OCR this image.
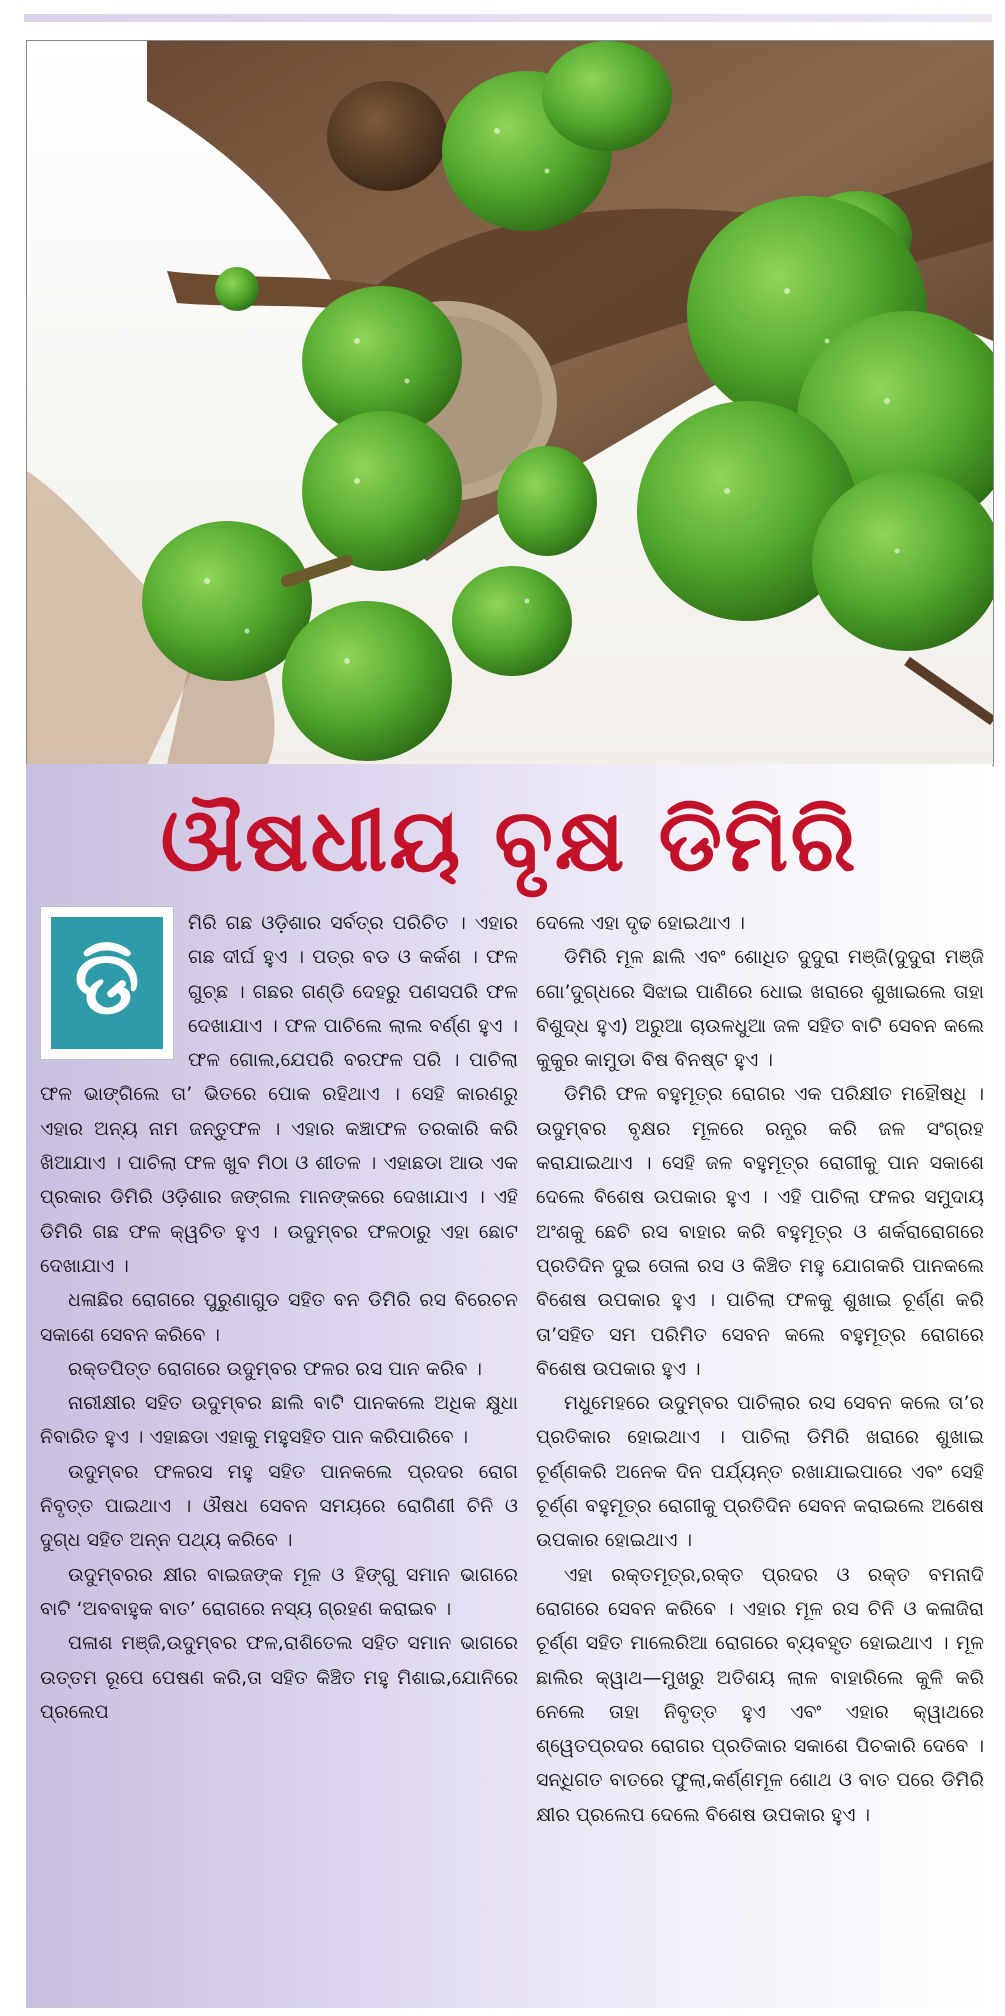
ଔଷଧୀୟ ବୃକ୍ଷ ଡିମିରି
ଡି

ମିରି ଗଛ ଓଡ଼ିଶାର ସର୍ବତ୍ର ପରିଚିତ । ଏହାର ଗଛ ଦୀର୍ଘ ହୁଏ । ପତ୍ର ବଡ ଓ କର୍କଶ । ଫଳ ଗୁଚ୍ଛ । ଗଛର ଗଣ୍ଡି ଦେହରୁ ପଣସପରି ଫଳ ଦେଖାଯାଏ । ଫଳ ପାଚିଲେ ଲାଲ ବର୍ଣ୍ଣ ହୁଏ । ଫଳ ଗୋଲ,ଯେପରି ବରଫଳ ପରି । ପାଚିଲା ଫଳ ଭାଙ୍ଗିଲେ ତା’ ଭିତରେ ପୋକ ରହିଥାଏ । ସେହି କାରଣରୁ ଏହାର ଅନ୍ୟ ନାମ ଜନ୍ତୁଫଳ । ଏହାର କଞ୍ଚାଫଳ ତରକାରି କରି ଖିଆଯାଏ । ପାଚିଲା ଫଳ ଖୁବ ମିଠା ଓ ଶୀତଳ । ଏହାଛଡା ଆଉ ଏକ ପ୍ରକାର ଡିମିରି ଓଡ଼ିଶାର ଜଙ୍ଗଲ ମାନଙ୍କରେ ଦେଖାଯାଏ । ଏହି ଡିମିରି ଗଛ ଫଳ କ୍ୱଚିତ ହୁଏ । ଉଦୁମ୍ବର ଫଳଠାରୁ ଏହା ଛୋଟ ଦେଖାଯାଏ ।

ଧଳାଛିର ରୋଗରେ ପୁରୁଣାଗୁଡ ସହିତ ବନ ଡିମିରି ରସ ବିରେଚନ ସକାଶେ ସେବନ କରିବେ ।

ରକ୍ତପିତ୍ତ ରୋଗରେ ଉଦୁମ୍ବର ଫଳର ରସ ପାନ କରିବ ।

ନାରୀକ୍ଷୀର ସହିତ ଉଦୁମ୍ବର ଛାଲି ବାଟି ପାନକଲେ ଅଧିକ କ୍ଷୁଧା ନିବାରିତ ହୁଏ । ଏହାଛଡା ଏହାକୁ ମହୁସହିତ ପାନ କରିପାରିବେ ।

ଉଦୁମ୍ବର ଫଳରସ ମହୁ ସହିତ ପାନକଲେ ପ୍ରଦର ରୋଗ ନିବୃତ୍ତ ପାଇଥାଏ । ଔଷଧ ସେବନ ସମୟରେ ରୋଗିଣୀ ଚିନି ଓ ଦୁଗ୍ଧ ସହିତ ଅନ୍ନ ପଥ୍ୟ କରିବେ ।

ଉଦୁମ୍ବରର କ୍ଷୀର ବାଇଜଙ୍କ ମୂଳ ଓ ହିଙ୍ଗୁ ସମାନ ଭାଗରେ ବାଟି ‘ଅବବାହୁକ ବାତ’ ରୋଗରେ ନସ୍ୟ ଗ୍ରହଣ କରାଇବ ।

ପଳାଶ ମଞ୍ଜି,ଉଦୁମ୍ବର ଫଳ,ରାଶିତେଲ ସହିତ ସମାନ ଭାଗରେ ଉତ୍ତମ ରୂପେ ପେଷଣ କରି,ତା ସହିତ କିଞ୍ଚିତ ମହୁ ମିଶାଇ,ଯୋନିରେ ପ୍ରଲେପ

ଦେଲେ ଏହା ଦୃଢ ହୋଇଥାଏ ।

ଡିମିରି ମୂଳ ଛାଲି ଏବଂ ଶୋଧିତ ଦୁଦୁରା ମଞ୍ଜି(ଦୁଦୁରା ମଞ୍ଜି ଗୋ’ଦୁଗ୍ଧରେ ସିଝାଇ ପାଣିରେ ଧୋଇ ଖରାରେ ଶୁଖାଇଲେ ତାହା ବିଶୁଦ୍ଧ ହୁଏ) ଅରୁଆ ଚାଉଳଧୁଆ ଜଳ ସହିତ ବାଟି ସେବନ କଲେ କୁକୁର କାମୁଡା ବିଷ ବିନଷ୍ଟ ହୁଏ ।

ଡିମିରି ଫଳ ବହୁମୂତ୍ର ରୋଗର ଏକ ପରିକ୍ଷୀତ ମହୌଷଧି । ଉଦୁମ୍ବର ବୃକ୍ଷର ମୂଳରେ ରନ୍ଧ୍ର କରି ଜଳ ସଂଗ୍ରହ କରାଯାଇଥାଏ । ସେହି ଜଳ ବହୁମୂତ୍ର ରୋଗୀକୁ ପାନ ସକାଶେ ଦେଲେ ବିଶେଷ ଉପକାର ହୁଏ । ଏହି ପାଚିଲା ଫଳର ସମୁଦାୟ ଅଂଶକୁ ଛେଚି ରସ ବାହାର କରି ବହୁମୂତ୍ର ଓ ଶର୍କରାରୋଗରେ ପ୍ରତିଦିନ ଦୁଇ ତୋଳା ରସ ଓ କିଞ୍ଚିତ ମହୁ ଯୋଗକରି ପାନକଲେ ବିଶେଷ ଉପକାର ହୁଏ । ପାଚିଲା ଫଳକୁ ଶୁଖାଇ ଚୂର୍ଣ୍ଣ କରି ତା’ସହିତ ସମ ପରିମିତ ସେବନ କଲେ ବହୁମୂତ୍ର ରୋଗରେ ବିଶେଷ ଉପକାର ହୁଏ ।

ମଧୁମେହରେ ଉଦୁମ୍ବର ପାଚିଲାର ରସ ସେବନ କଲେ ତା’ର ପ୍ରତିକାର ହୋଇଥାଏ । ପାଚିଲା ଡିମିରି ଖରାରେ ଶୁଖାଇ ଚୂର୍ଣ୍ଣକରି ଅନେକ ଦିନ ପର୍ଯ୍ୟନ୍ତ ରଖାଯାଇପାରେ ଏବଂ ସେହି ଚୂର୍ଣ୍ଣ ବହୁମୂତ୍ର ରୋଗୀକୁ ପ୍ରତିଦିନ ସେବନ କରାଇଲେ ଅଶେଷ ଉପକାର ହୋଇଥାଏ ।

ଏହା ରକ୍ତମୂତ୍ର,ରକ୍ତ ପ୍ରଦର ଓ ରକ୍ତ ବମନାଦି ରୋଗରେ ସେବନ କରିବେ । ଏହାର ମୂଳ ରସ ଚିନି ଓ କଳାଜିରା ଚୂର୍ଣ୍ଣ ସହିତ ମାଲେରିଆ ରୋଗରେ ବ୍ୟବହୃତ ହୋଇଥାଏ । ମୂଳ ଛାଲିର କ୍ୱାଥ—ମୁଖରୁ ଅତିଶୟ ଲାଳ ବାହାରିଲେ କୁଳି କରି ନେଲେ ତାହା ନିବୃତ୍ତ ହୁଏ ଏବଂ ଏହାର କ୍ୱାଥରେ ଶ୍ୱେତପ୍ରଦର ରୋଗର ପ୍ରତିକାର ସକାଶେ ପିଚକାରି ଦେବେ । ସନ୍ଧିଗତ ବାତରେ ଫୁଲା,କର୍ଣ୍ଣମୂଳ ଶୋଥ ଓ ବାତ ପରେ ଡିମିରି କ୍ଷୀର ପ୍ରଲେପ ଦେଲେ ବିଶେଷ ଉପକାର ହୁଏ ।
